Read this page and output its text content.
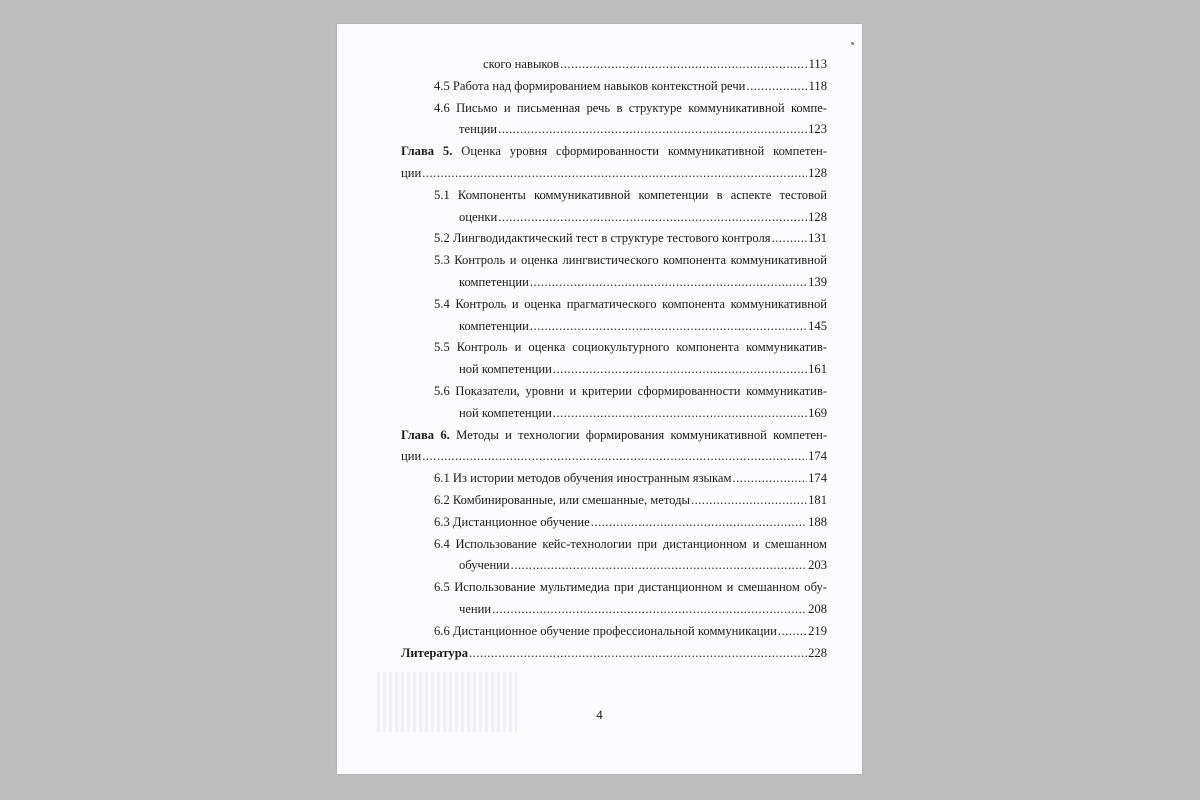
ского навыков .....	113
4.5 Работа над формированием навыков контекстной речи .....	118
4.6 Письмо и письменная речь в структуре коммуникативной компе-
тенции .....	123
Глава 5. Оценка уровня сформированности коммуникативной компетен-
ции .....	128
5.1 Компоненты коммуникативной компетенции в аспекте тестовой
оценки .....	128
5.2 Лингводидактический тест в структуре тестового контроля .....	131
5.3 Контроль и оценка лингвистического компонента коммуникативной
компетенции .....	139
5.4 Контроль и оценка прагматического компонента коммуникативной
компетенции .....	145
5.5 Контроль и оценка социокультурного компонента коммуникатив-
ной компетенции .....	161
5.6 Показатели, уровни и критерии сформированности коммуникатив-
ной компетенции .....	169
Глава 6. Методы и технологии формирования коммуникативной компетен-
ции .....	174
6.1 Из истории методов обучения иностранным языкам .....	174
6.2 Комбинированные, или смешанные, методы .....	181
6.3 Дистанционное обучение .....	188
6.4 Использование кейс-технологии при дистанционном и смешанном
обучении .....	203
6.5 Использование мультимедиа при дистанционном и смешанном обу-
чении .....	208
6.6 Дистанционное обучение профессиональной коммуникации ..... 219
Литература .....	228
4
